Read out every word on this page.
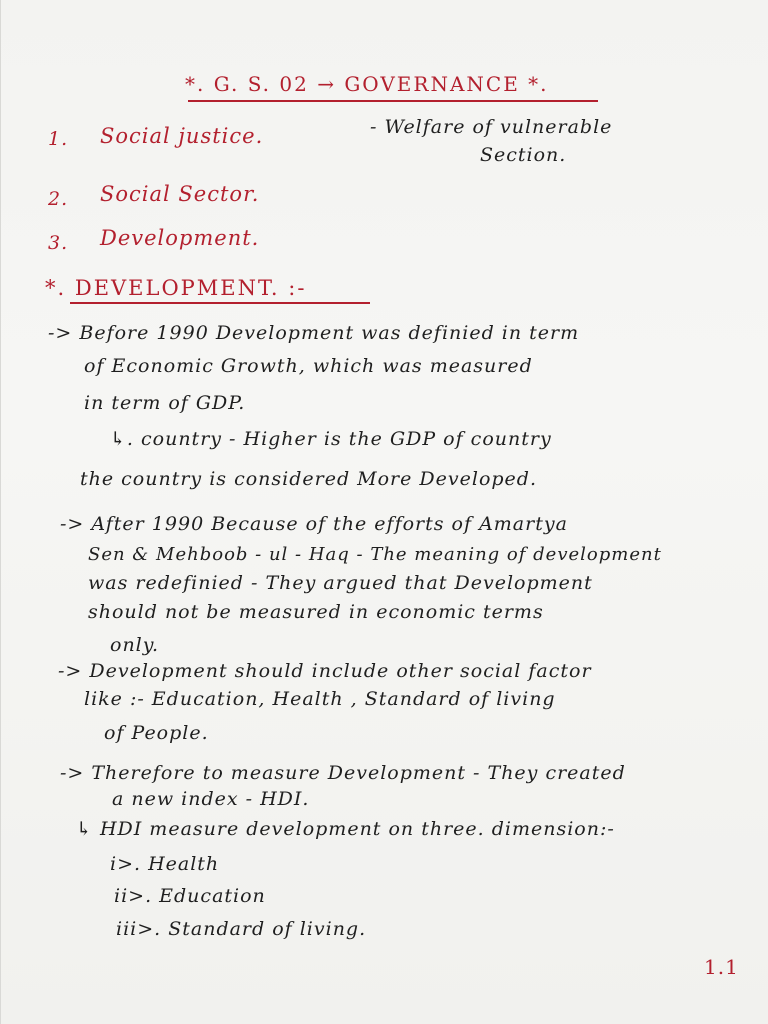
*. G. S. 02 → GOVERNANCE *.
1. Social justice.	- Welfare of vulnerable
Section.
2. Social Sector.
3. Development.
*. DEVELOPMENT. :-
-> Before 1990 Development was definied in term
of Economic Growth, which was measured
in term of GDP.
↳. country - Higher is the GDP of country
the country is considered More Developed.
-> After 1990 Because of the efforts of Amartya
Sen & Mehboob - ul - Haq - The meaning of development
was redefinied - They argued that Development
should not be measured in economic terms
only.
-> Development should include other social factor
like :- Education, Health , Standard of living
of People.
-> Therefore to measure Development - They created
a new index - HDI.
↳ HDI measure development on three. dimension:-
i>. Health
ii>. Education
iii>. Standard of living.
1.1
